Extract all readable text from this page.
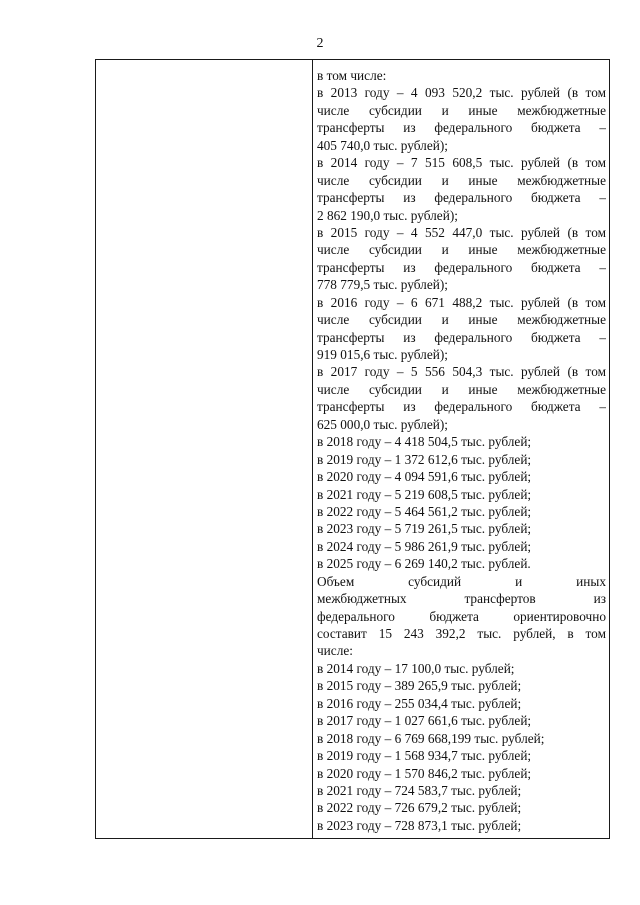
2
в том числе:
в 2013 году – 4 093 520,2 тыс. рублей (в том
числе субсидии и иные межбюджетные
трансферты из федерального бюджета –
405 740,0 тыс. рублей);
в 2014 году – 7 515 608,5 тыс. рублей (в том
числе субсидии и иные межбюджетные
трансферты из федерального бюджета –
2 862 190,0 тыс. рублей);
в 2015 году – 4 552 447,0 тыс. рублей (в том
числе субсидии и иные межбюджетные
трансферты из федерального бюджета –
778 779,5 тыс. рублей);
в 2016 году – 6 671 488,2 тыс. рублей (в том
числе субсидии и иные межбюджетные
трансферты из федерального бюджета –
919 015,6 тыс. рублей);
в 2017 году – 5 556 504,3 тыс. рублей (в том
числе субсидии и иные межбюджетные
трансферты из федерального бюджета –
625 000,0 тыс. рублей);
в 2018 году – 4 418 504,5 тыс. рублей;
в 2019 году – 1 372 612,6 тыс. рублей;
в 2020 году – 4 094 591,6 тыс. рублей;
в 2021 году – 5 219 608,5 тыс. рублей;
в 2022 году – 5 464 561,2 тыс. рублей;
в 2023 году – 5 719 261,5 тыс. рублей;
в 2024 году – 5 986 261,9 тыс. рублей;
в 2025 году – 6 269 140,2 тыс. рублей.
Объем субсидий и иных
межбюджетных трансфертов из
федерального бюджета ориентировочно
составит 15 243 392,2 тыс. рублей, в том
числе:
в 2014 году – 17 100,0 тыс. рублей;
в 2015 году – 389 265,9 тыс. рублей;
в 2016 году – 255 034,4 тыс. рублей;
в 2017 году – 1 027 661,6 тыс. рублей;
в 2018 году – 6 769 668,199 тыс. рублей;
в 2019 году – 1 568 934,7 тыс. рублей;
в 2020 году – 1 570 846,2 тыс. рублей;
в 2021 году – 724 583,7 тыс. рублей;
в 2022 году – 726 679,2 тыс. рублей;
в 2023 году – 728 873,1 тыс. рублей;
